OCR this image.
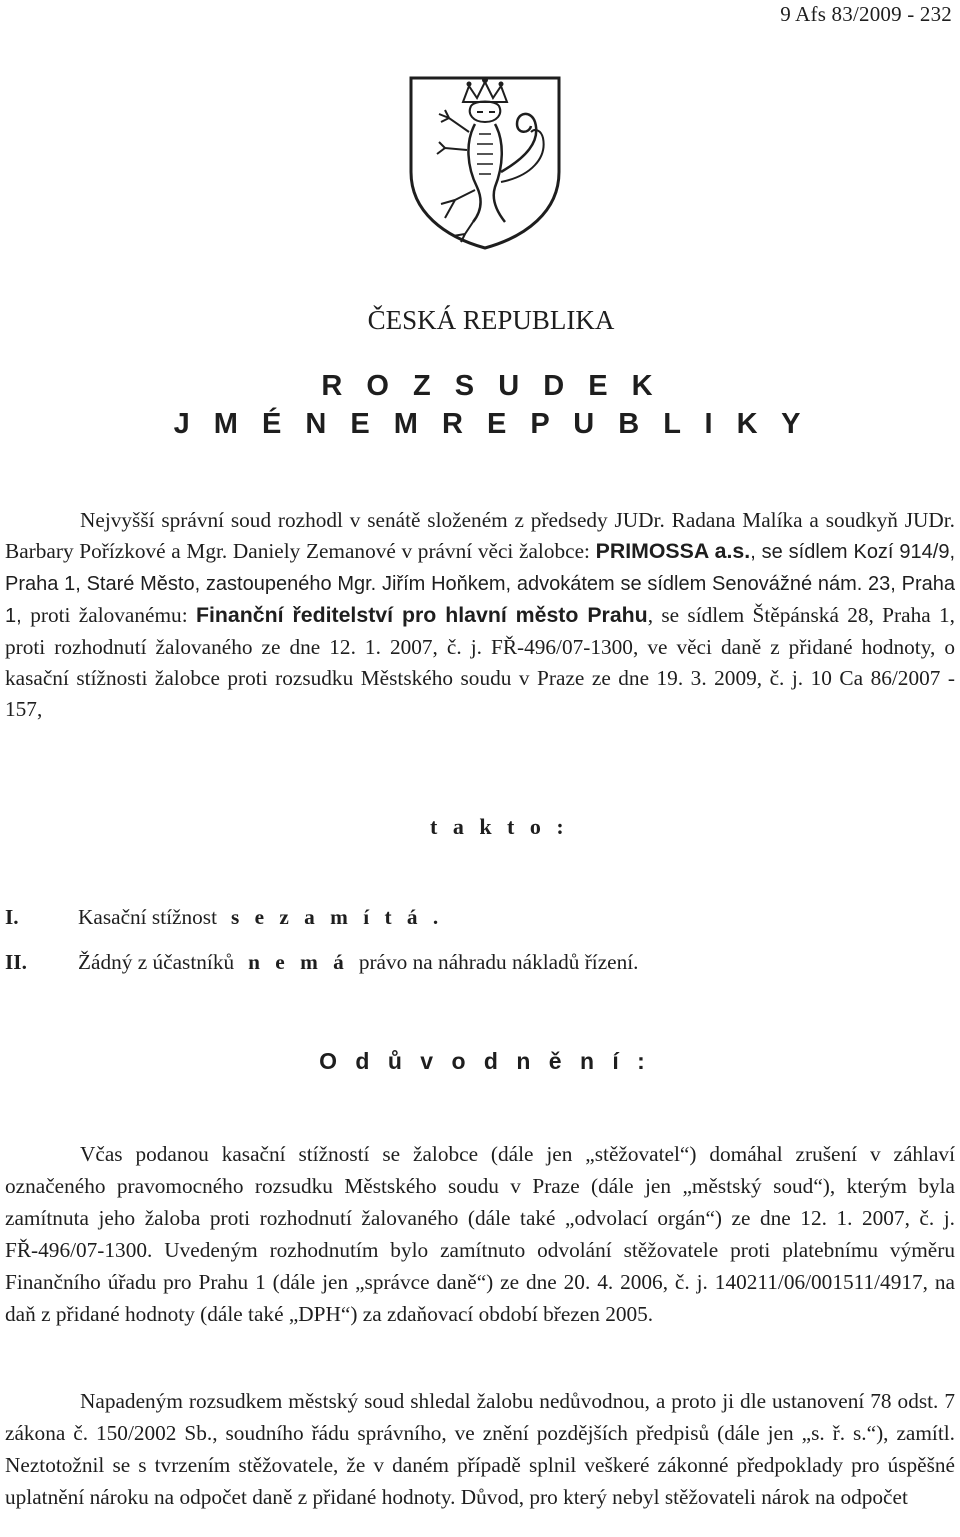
9 Afs 83/2009 - 232
ČESKÁ REPUBLIKA
R O Z S U D E K
J M É N E M R E P U B L I K Y

Nejvyšší správní soud rozhodl v senátě složeném z předsedy JUDr. Radana Malíka a soudkyň JUDr. Barbary Pořízkové a Mgr. Daniely Zemanové v právní věci žalobce: PRIMOSSA a.s., se sídlem Kozí 914/9, Praha 1, Staré Město, zastoupeného Mgr. Jiřím Hoňkem, advokátem se sídlem Senovážné nám. 23, Praha 1, proti žalovanému: Finanční ředitelství pro hlavní město Prahu, se sídlem Štěpánská 28, Praha 1, proti rozhodnutí žalovaného ze dne 12. 1. 2007, č. j. FŘ-496/07-1300, ve věci daně z přidané hodnoty, o kasační stížnosti žalobce proti rozsudku Městského soudu v Praze ze dne 19. 3. 2009, č. j. 10 Ca 86/2007 - 157,

t a k t o :
I.	Kasační stížnost s e z a m í t á .
II. Žádný z účastníků n e m á právo na náhradu nákladů řízení.
O d ů v o d n ě n í :

Včas podanou kasační stížností se žalobce (dále jen „stěžovatel“) domáhal zrušení v záhlaví označeného pravomocného rozsudku Městského soudu v Praze (dále jen „městský soud“), kterým byla zamítnuta jeho žaloba proti rozhodnutí žalovaného (dále také „odvolací orgán“) ze dne 12. 1. 2007, č. j. FŘ-496/07-1300. Uvedeným rozhodnutím bylo zamítnuto odvolání stěžovatele proti platebnímu výměru Finančního úřadu pro Prahu 1 (dále jen „správce daně“) ze dne 20. 4. 2006, č. j. 140211/06/001511/4917, na daň z přidané hodnoty (dále také „DPH“) za zdaňovací období březen 2005.

Napadeným rozsudkem městský soud shledal žalobu nedůvodnou, a proto ji dle ustanovení 78 odst. 7 zákona č. 150/2002 Sb., soudního řádu správního, ve znění pozdějších předpisů (dále jen „s. ř. s.“), zamítl. Neztotožnil se s tvrzením stěžovatele, že v daném případě splnil veškeré zákonné předpoklady pro úspěšné uplatnění nároku na odpočet daně z přidané hodnoty. Důvod, pro který nebyl stěžovateli nárok na odpočet
